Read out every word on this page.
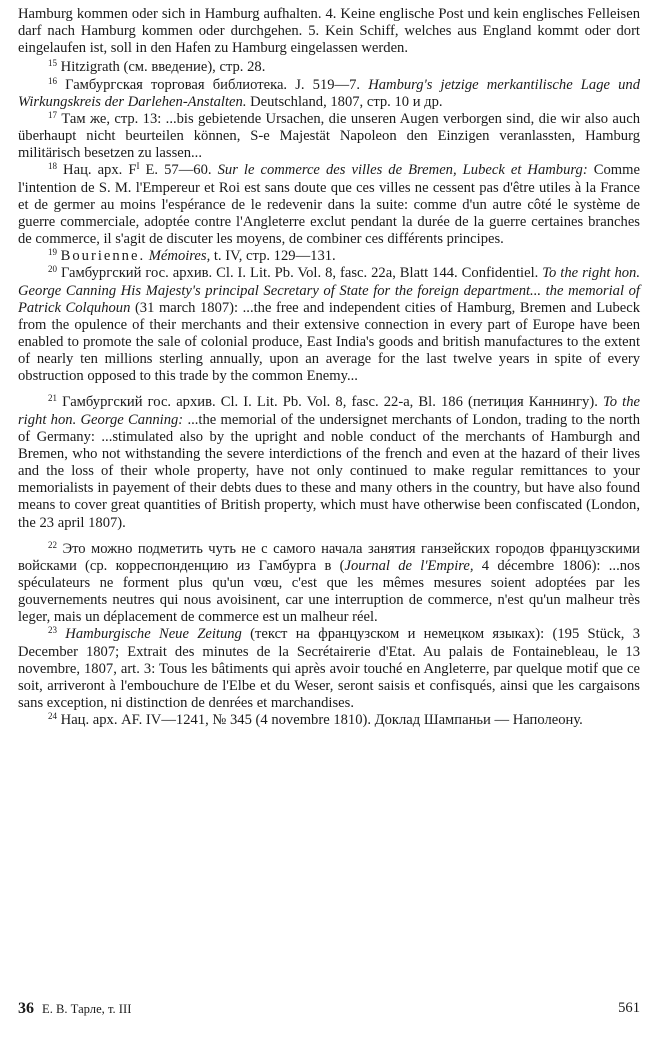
Hamburg kommen oder sich in Hamburg aufhalten. 4. Keine englische Post und kein englisches Felleisen darf nach Hamburg kommen oder durchgehen. 5. Kein Schiff, welches aus England kommt oder dort eingelaufen ist, soll in den Hafen zu Hamburg eingelassen werden.

$^{15}$ Hitzigrath (см. введение), стр. 28.

$^{16}$ Гамбургская торговая библиотека. J. 519—7. Hamburg's jetzige merkantilische Lage und Wirkungskreis der Darlehen-Anstalten. Deutschland, 1807, стр. 10 и др.

$^{17}$ Там же, стр. 13: ...bis gebietende Ursachen, die unseren Augen verborgen sind, die wir also auch überhaupt nicht beurteilen können, S-e Majestät Napoleon den Einzigen veranlassten, Hamburg militärisch besetzen zu lassen...

$^{18}$ Нац. арх. $F^I$ E. 57—60. Sur le commerce des villes de Bremen, Lubeck et Hamburg: Comme l'intention de S. M. l'Empereur et Roi est sans doute que ces villes ne cessent pas d'être utiles à la France et de germer au moins l'espérance de le redevenir dans la suite: comme d'un autre côté le système de guerre commerciale, adoptée contre l'Angleterre exclut pendant la durée de la guerre certaines branches de commerce, il s'agit de discuter les moyens, de combiner ces différents principes.

$^{19}$ Bourienne. Mémoires, t. IV, стр. 129—131.

$^{20}$ Гамбургский гос. архив. Cl. I. Lit. Pb. Vol. 8, fasc. 22a, Blatt 144. Confidentiel. To the right hon. George Canning His Majesty's principal Secretary of State for the foreign department... the memorial of Patrick Colquhoun (31 march 1807): ...the free and independent cities of Hamburg, Bremen and Lubeck from the opulence of their merchants and their extensive connection in every part of Europe have been enabled to promote the sale of colonial produce, East India's goods and british manufactures to the extent of nearly ten millions sterling annually, upon an average for the last twelve years in spite of every obstruction opposed to this trade by the common Enemy...

$^{21}$ Гамбургский гос. архив. Cl. I. Lit. Pb. Vol. 8, fasc. 22-a, Bl. 186 (петиция Каннингу). To the right hon. George Canning: ...the memorial of the undersignet merchants of London, trading to the north of Germany: ...stimulated also by the upright and noble conduct of the merchants of Hamburgh and Bremen, who not withstanding the severe interdictions of the french and even at the hazard of their lives and the loss of their whole property, have not only continued to make regular remittances to your memorialists in payement of their debts dues to these and many others in the country, but have also found means to cover great quantities of British property, which must have otherwise been confiscated (London, the 23 april 1807).

$^{22}$ Это можно подметить чуть не с самого начала занятия ганзейских городов французскими войсками (ср. корреспонденцию из Гамбурга в (Journal de l'Empire, 4 décembre 1806): ...nos spéculateurs ne forment plus qu'un vœu, c'est que les mêmes mesures soient adoptées par les gouvernements neutres qui nous avoisinent, car une interruption de commerce, n'est qu'un malheur très leger, mais un déplacement de commerce est un malheur réel.

$^{23}$ Hamburgische Neue Zeitung (текст на французском и немецком языках): (195 Stück, 3 December 1807; Extrait des minutes de la Secrétairerie d'Etat. Au palais de Fontainebleau, le 13 novembre, 1807, art. 3: Tous les bâtiments qui après avoir touché en Angleterre, par quelque motif que ce soit, arriveront à l'embouchure de l'Elbe et du Weser, seront saisis et confisqués, ainsi que les cargaisons sans exception, ni distinction de denrées et marchandises.

$^{24}$ Нац. арх. AF. IV—1241, № 345 (4 novembre 1810). Доклад Шампаньи — Наполеону.

36 Е. В. Тарле, т. III	561
